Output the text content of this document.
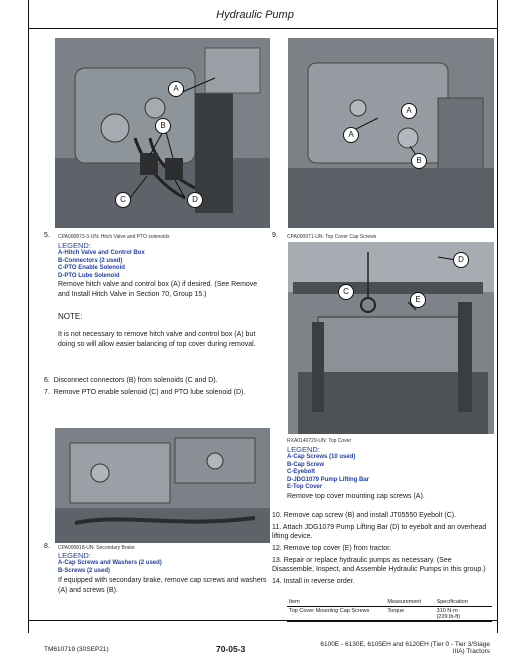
Hydraulic Pump
A
B
C	D
5. CPA000873-3-UN: Hitch Valve and PTO solenoids
LEGEND:
A-Hitch Valve and Control Box
B-Connectors (2 used)
C-PTO Enable Solenoid
D-PTO Lube Solenoid
Remove hitch valve and control box (A) if desired. (See Remove and Install Hitch Valve in Section 70, Group 15.)
NOTE:
It is not necessary to remove hitch valve and control box (A) but doing so will allow easier balancing of top cover during removal.
6. Disconnect connectors (B) from solenoids (C and D).
7. Remove PTO enable solenoid (C) and PTO lube solenoid (D).
8. CPA000818-UN: Secondary Brake
LEGEND:
A-Cap Screws and Washers (2 used)
B-Screws (2 used)
If equipped with secondary brake, remove cap screws and washers (A) and screws (B).
A
A
B
9. CPA000971-UN: Top Cover Cap Screws
D
C
E
RXA0140729-UN: Top Cover
LEGEND:
A-Cap Screws (10 used)
B-Cap Screw
C-Eyebolt
D-JDG1079 Pump Lifting Bar
E-Top Cover
Remove top cover mounting cap screws (A).
10. Remove cap screw (B) and install JT05550 Eyebolt (C).
11. Attach JDG1079 Pump Lifting Bar (D) to eyebolt and an overhead lifting device.
12. Remove top cover (E) from tractor.
13. Repair or replace hydraulic pumps as necessary. (See Disassemble, Inspect, and Assemble Hydraulic Pumps in this group.)
14. Install in reverse order.
Item	Measurement	Specification
Top Cover Mounting Cap Screws	Torque	310 N·m
(229 lb-ft)
TM610719 (30SEP21)	70-05-3	6100E - 6130E, 6105EH and 6120EH (Tier 0 - Tier 3/Stage
IIIA) Tractors
